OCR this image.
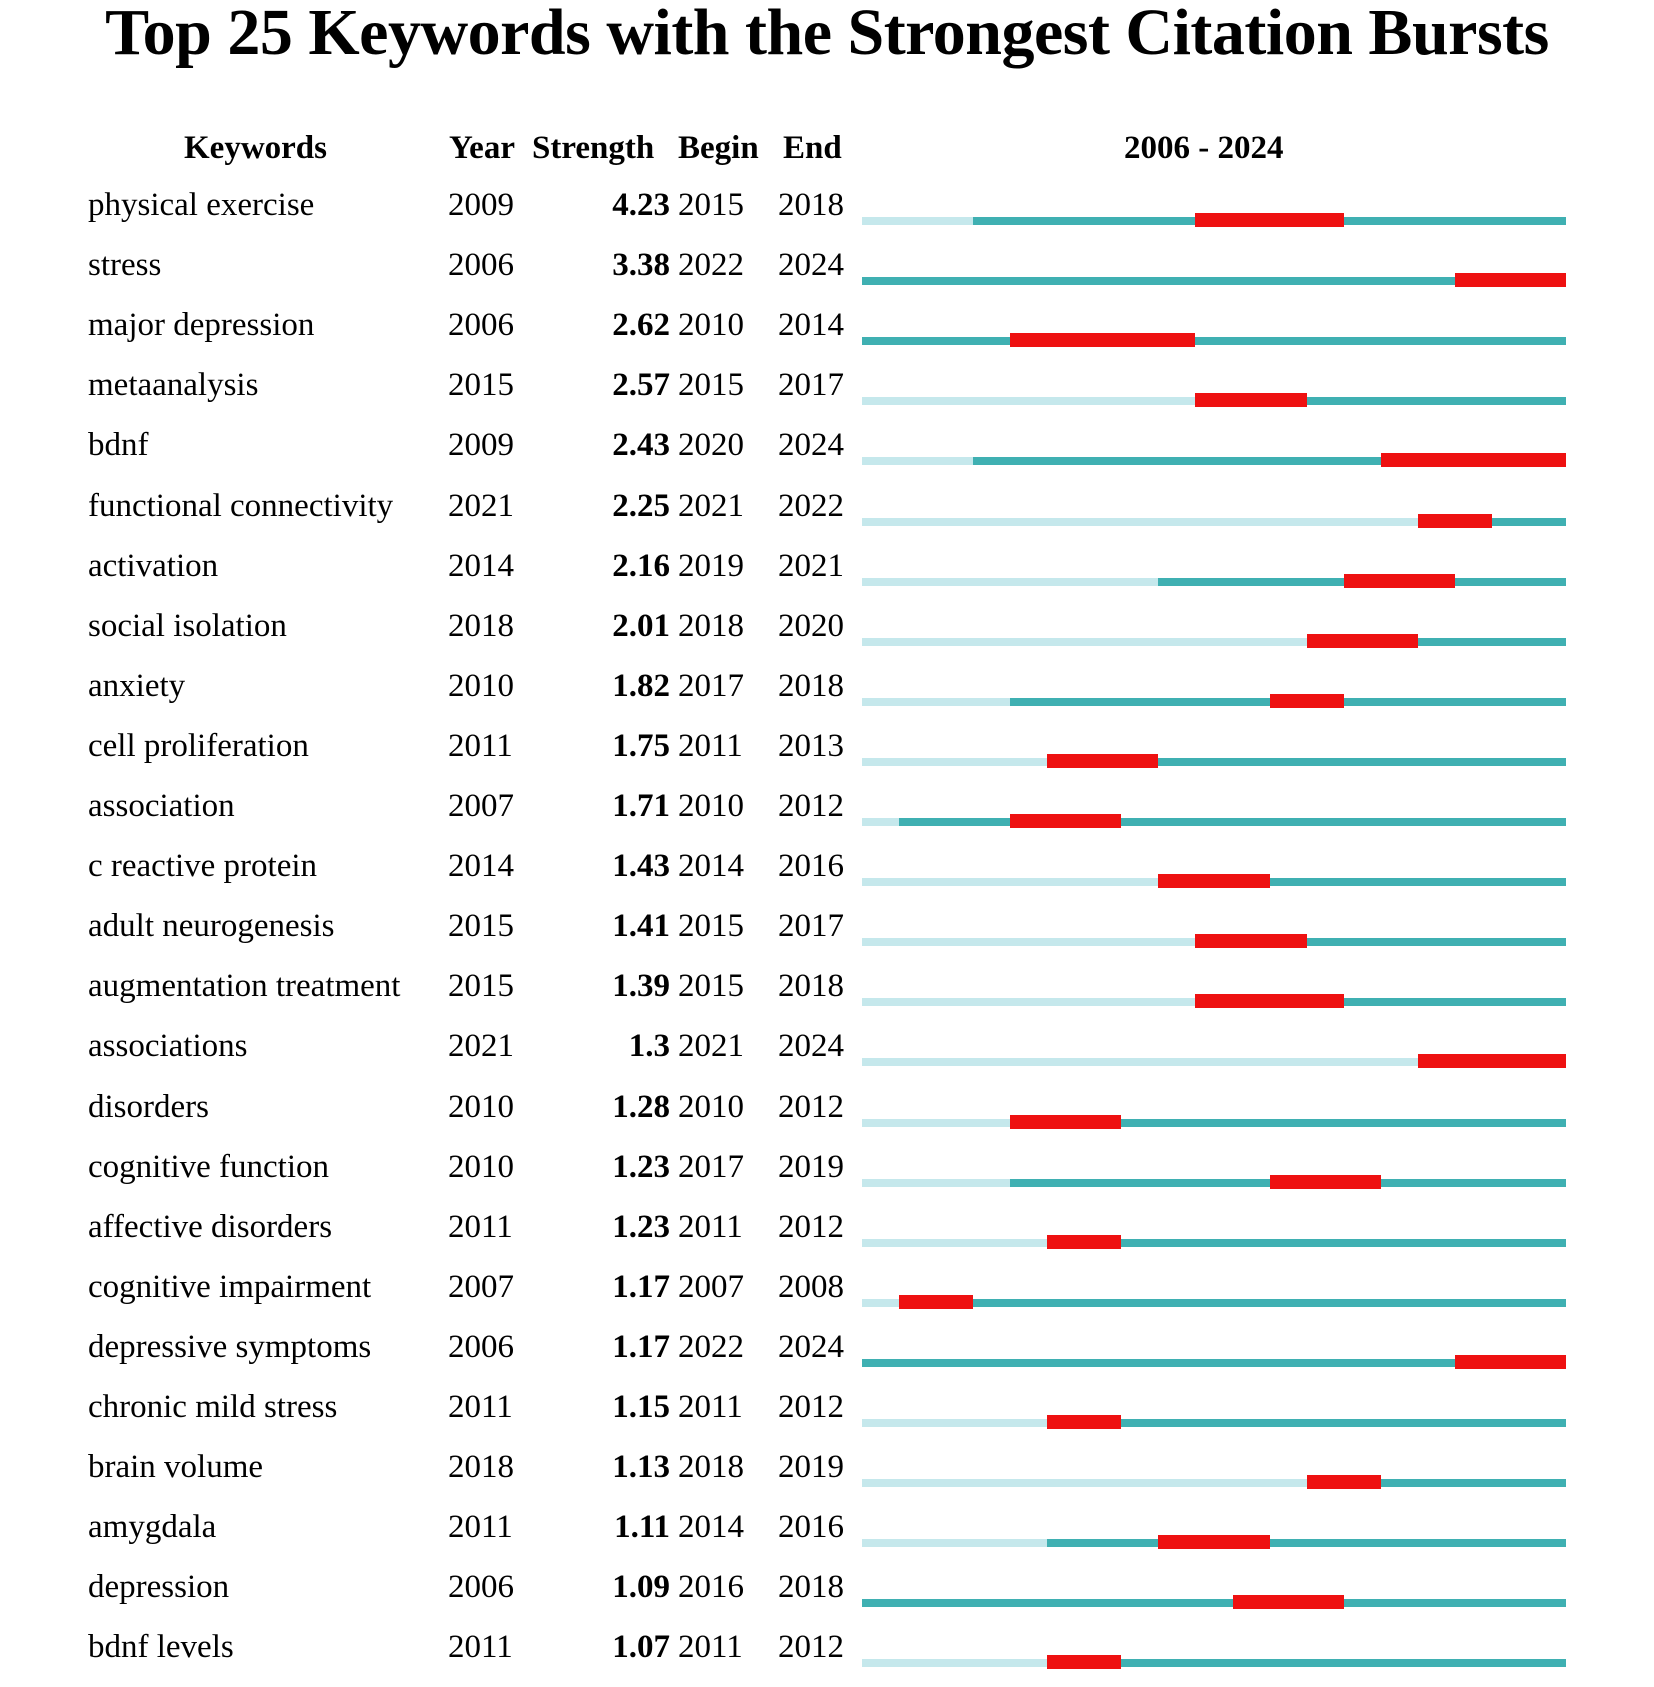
Top 25 Keywords with the Strongest Citation Bursts
Keywords	Year Strength Begin End	2006 - 2024
physical exercise	2009	4.23 2015 2018
stress	2006	3.38 2022 2024
major depression	2006	2.62 2010 2014
metaanalysis	2015	2.57 2015 2017
bdnf	2009	2.43 2020 2024
functional connectivity 2021	2.25 2021 2022
activation	2014	2.16 2019 2021
social isolation	2018	2.01 2018 2020
anxiety	2010	1.82 2017 2018
cell proliferation	2011	1.75 2011 2013
association	2007	1.71 2010 2012
c reactive protein	2014	1.43 2014 2016
adult neurogenesis	2015	1.41 2015 2017
augmentation treatment 2015	1.39 2015 2018
associations	2021	1.3 2021 2024
disorders	2010	1.28 2010 2012
cognitive function	2010	1.23 2017 2019
affective disorders	2011	1.23 2011 2012
cognitive impairment 2007	1.17 2007 2008
depressive symptoms 2006	1.17 2022 2024
chronic mild stress	2011	1.15 2011 2012
brain volume	2018	1.13 2018 2019
amygdala	2011	1.11 2014 2016
depression	2006	1.09 2016 2018
bdnf levels	2011	1.07 2011 2012
